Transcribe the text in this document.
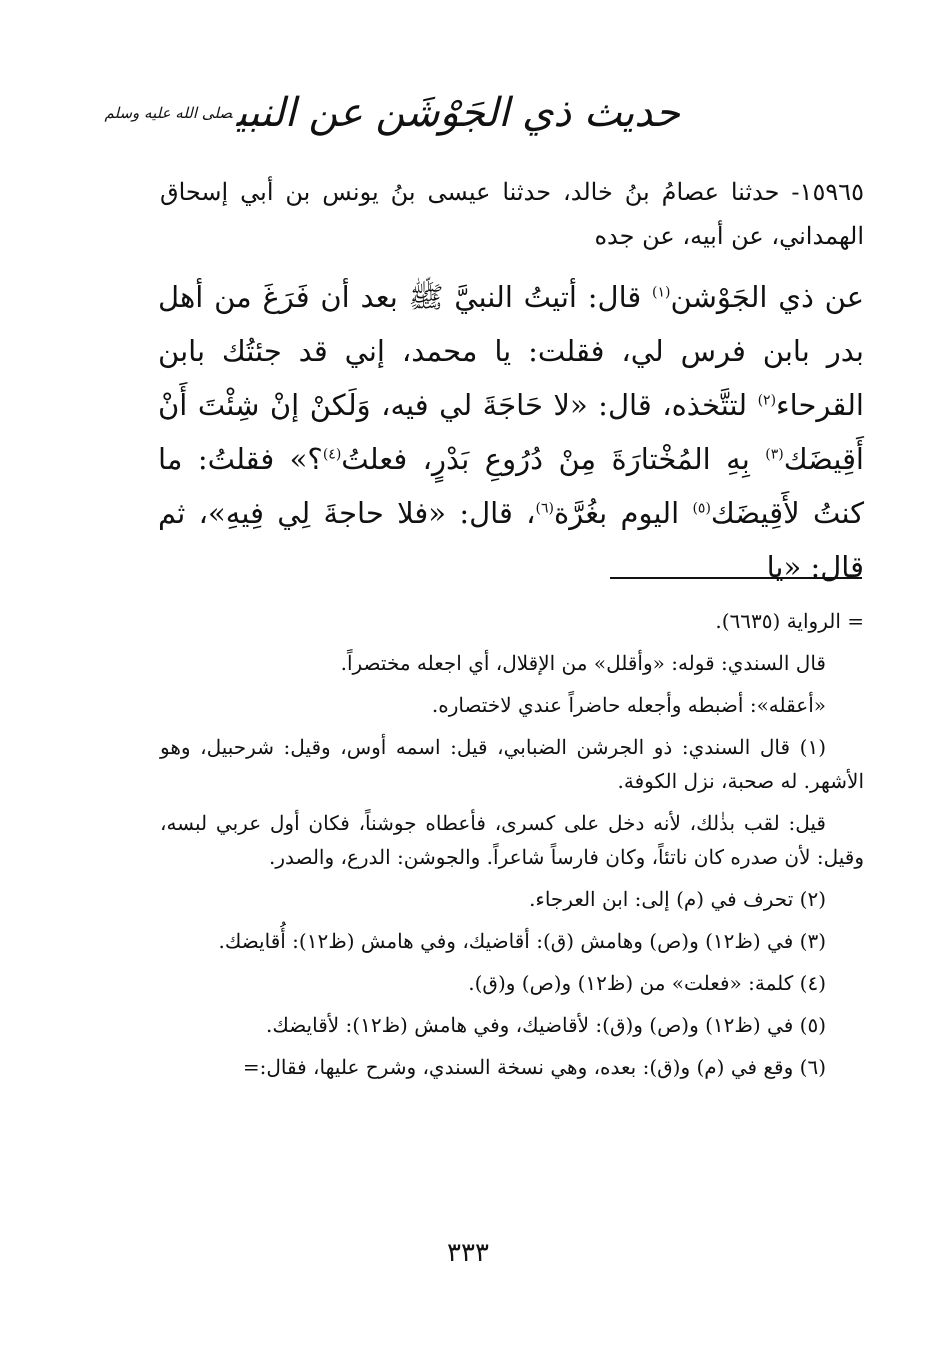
حديث ذي الجَوْشَن عن النبي$^{صلى الله عليه وسلم}$
١٥٩٦٥- حدثنا عصامُ بنُ خالد، حدثنا عيسى بنُ يونس بن أبي إسحاق الهمداني، عن أبيه، عن جده
عن ذي الجَوْشن$^{(١)}$ قال: أتيتُ النبيَّ ﷺ بعد أن فَرَغَ من أهل بدر بابن فرس لي، فقلت: يا محمد، إني قد جئتُك بابن القرحاء$^{(٢)}$ لتتَّخذه، قال: «لا حَاجَةَ لي فيه، وَلَكنْ إنْ شِئْتَ أَنْ أَقِيضَك$^{(٣)}$ بِهِ المُخْتارَةَ مِنْ دُرُوعِ بَدْرٍ، فعلتُ$^{(٤)}$؟» فقلتُ: ما كنتُ لأَقِيضَك$^{(٥)}$ اليوم بغُرَّة$^{(٦)}$، قال: «فلا حاجةَ لِي فِيهِ»، ثم قال: «يا

= الرواية (٦٦٣٥).

قال السندي: قوله: «وأقلل» من الإقلال، أي اجعله مختصراً.

«أعقله»: أضبطه وأجعله حاضراً عندي لاختصاره.

(١) قال السندي: ذو الجرشن الضبابي، قيل: اسمه أوس، وقيل: شرحبيل، وهو الأشهر. له صحبة، نزل الكوفة.

قيل: لقب بذٰلك، لأنه دخل على كسرى، فأعطاه جوشناً، فكان أول عربي لبسه، وقيل: لأن صدره كان ناتئاً، وكان فارساً شاعراً. والجوشن: الدرع، والصدر.

(٢) تحرف في (م) إلى: ابن العرجاء.

(٣) في (ظ١٢) و(ص) وهامش (ق): أقاضيك، وفي هامش (ظ١٢): أُقايضك.

(٤) كلمة: «فعلت» من (ظ١٢) و(ص) و(ق).

(٥) في (ظ١٢) و(ص) و(ق): لأقاضيك، وفي هامش (ظ١٢): لأقايضك.

(٦) وقع في (م) و(ق): بعده، وهي نسخة السندي، وشرح عليها، فقال:=

٣٣٣
